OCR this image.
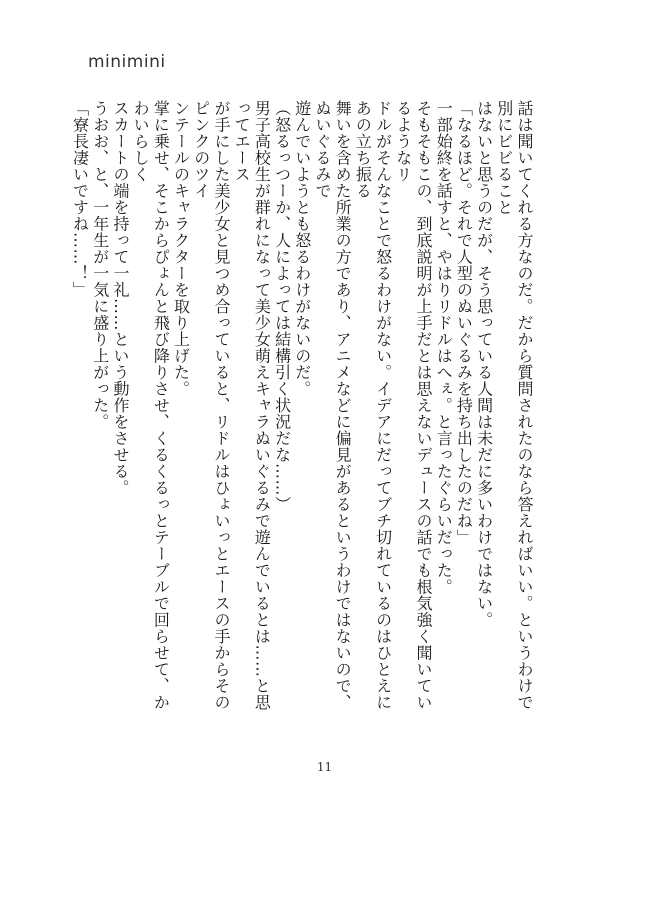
minimini

話は聞いてくれる方なのだ。だから質問されたのなら答えればいい。というわけで別にビビること

はないと思うのだが、そう思っている人間は未だに多いわけではない。

「なるほど。それで人型のぬいぐるみを持ち出したのだね」

一部始終を話すと、やはりリドルはへぇ。と言ったぐらいだった。

そもそもこの、到底説明が上手だとは思えないデュースの話でも根気強く聞いているようなリ

ドルがそんなことで怒るわけがない。イデアにだってブチ切れているのはひとえにあの立ち振る

舞いを含めた所業の方であり、アニメなどに偏見があるというわけではないので、ぬいぐるみで

遊んでいようとも怒るわけがないのだ。

（怒るっつーか、人によっては結構引く状況だな……）

男子高校生が群れになって美少女萌えキャラぬいぐるみで遊んでいるとは……と思ってエース

が手にした美少女と見つめ合っていると、リドルはひょいっとエースの手からそのピンクのツイ

ンテールのキャラクターを取り上げた。

掌に乗せ、そこからぴょんと飛び降りさせ、くるくるっとテーブルで回らせて、かわいらしく

スカートの端を持って一礼……という動作をさせる。

うおお、と、一年生が一気に盛り上がった。

「寮長凄いですね……！」

11
